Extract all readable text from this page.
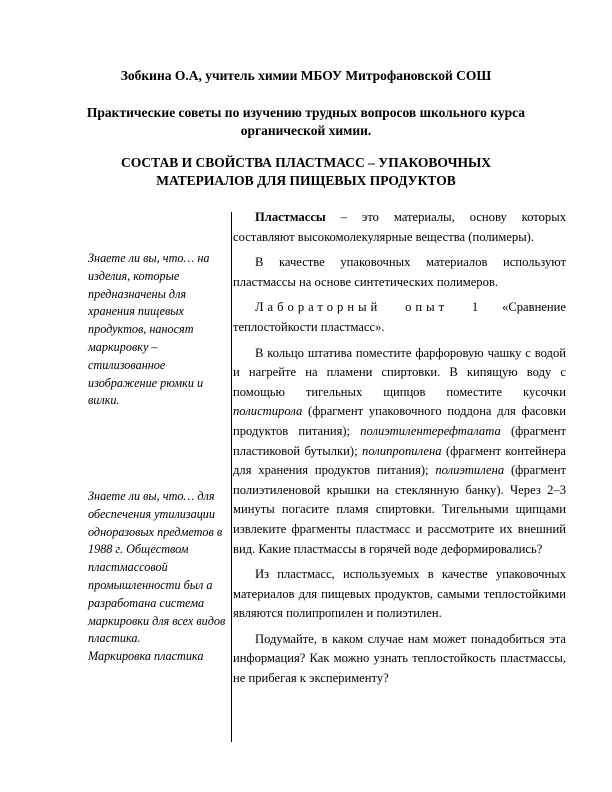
Зобкина О.А, учитель химии МБОУ Митрофановской СОШ
Практические советы по изучению трудных вопросов школьного курса органической химии.
СОСТАВ И СВОЙСТВА ПЛАСТМАСС – УПАКОВОЧНЫХ МАТЕРИАЛОВ ДЛЯ ПИЩЕВЫХ ПРОДУКТОВ

Знаете ли вы, что… на изделия, которые предназначены для хранения пищевых продуктов, наносят маркировку – стилизованное изображение рюмки и вилки.

Знаете ли вы, что… для обеспечения утилизации одноразовых предметов в 1988 г. Обществом пластмассовой промышленности был а разработана система маркировки для всех видов пластика.

Маркировка пластика

Пластмассы – это материалы, основу которых составляют высокомолекулярные вещества (полимеры).

В качестве упаковочных материалов используют пластмассы на основе синтетических полимеров.

Лабораторный опыт 1 «Сравнение теплостойкости пластмасс».

В кольцо штатива поместите фарфоровую чашку с водой и нагрейте на пламени спиртовки. В кипящую воду с помощью тигельных щипцов поместите кусочки полистирола (фрагмент упаковочного поддона для фасовки продуктов питания); полиэтилентерефталата (фрагмент пластиковой бутылки); полипропилена (фрагмент контейнера для хранения продуктов питания); полиэтилена (фрагмент полиэтиленовой крышки на стеклянную банку). Через 2–3 минуты погасите пламя спиртовки. Тигельными щипцами извлеките фрагменты пластмасс и рассмотрите их внешний вид. Какие пластмассы в горячей воде деформировались?

Из пластмасс, используемых в качестве упаковочных материалов для пищевых продуктов, самыми теплостойкими являются полипропилен и полиэтилен.

Подумайте, в каком случае нам может понадобиться эта информация? Как можно узнать теплостойкость пластмассы, не прибегая к эксперименту?
